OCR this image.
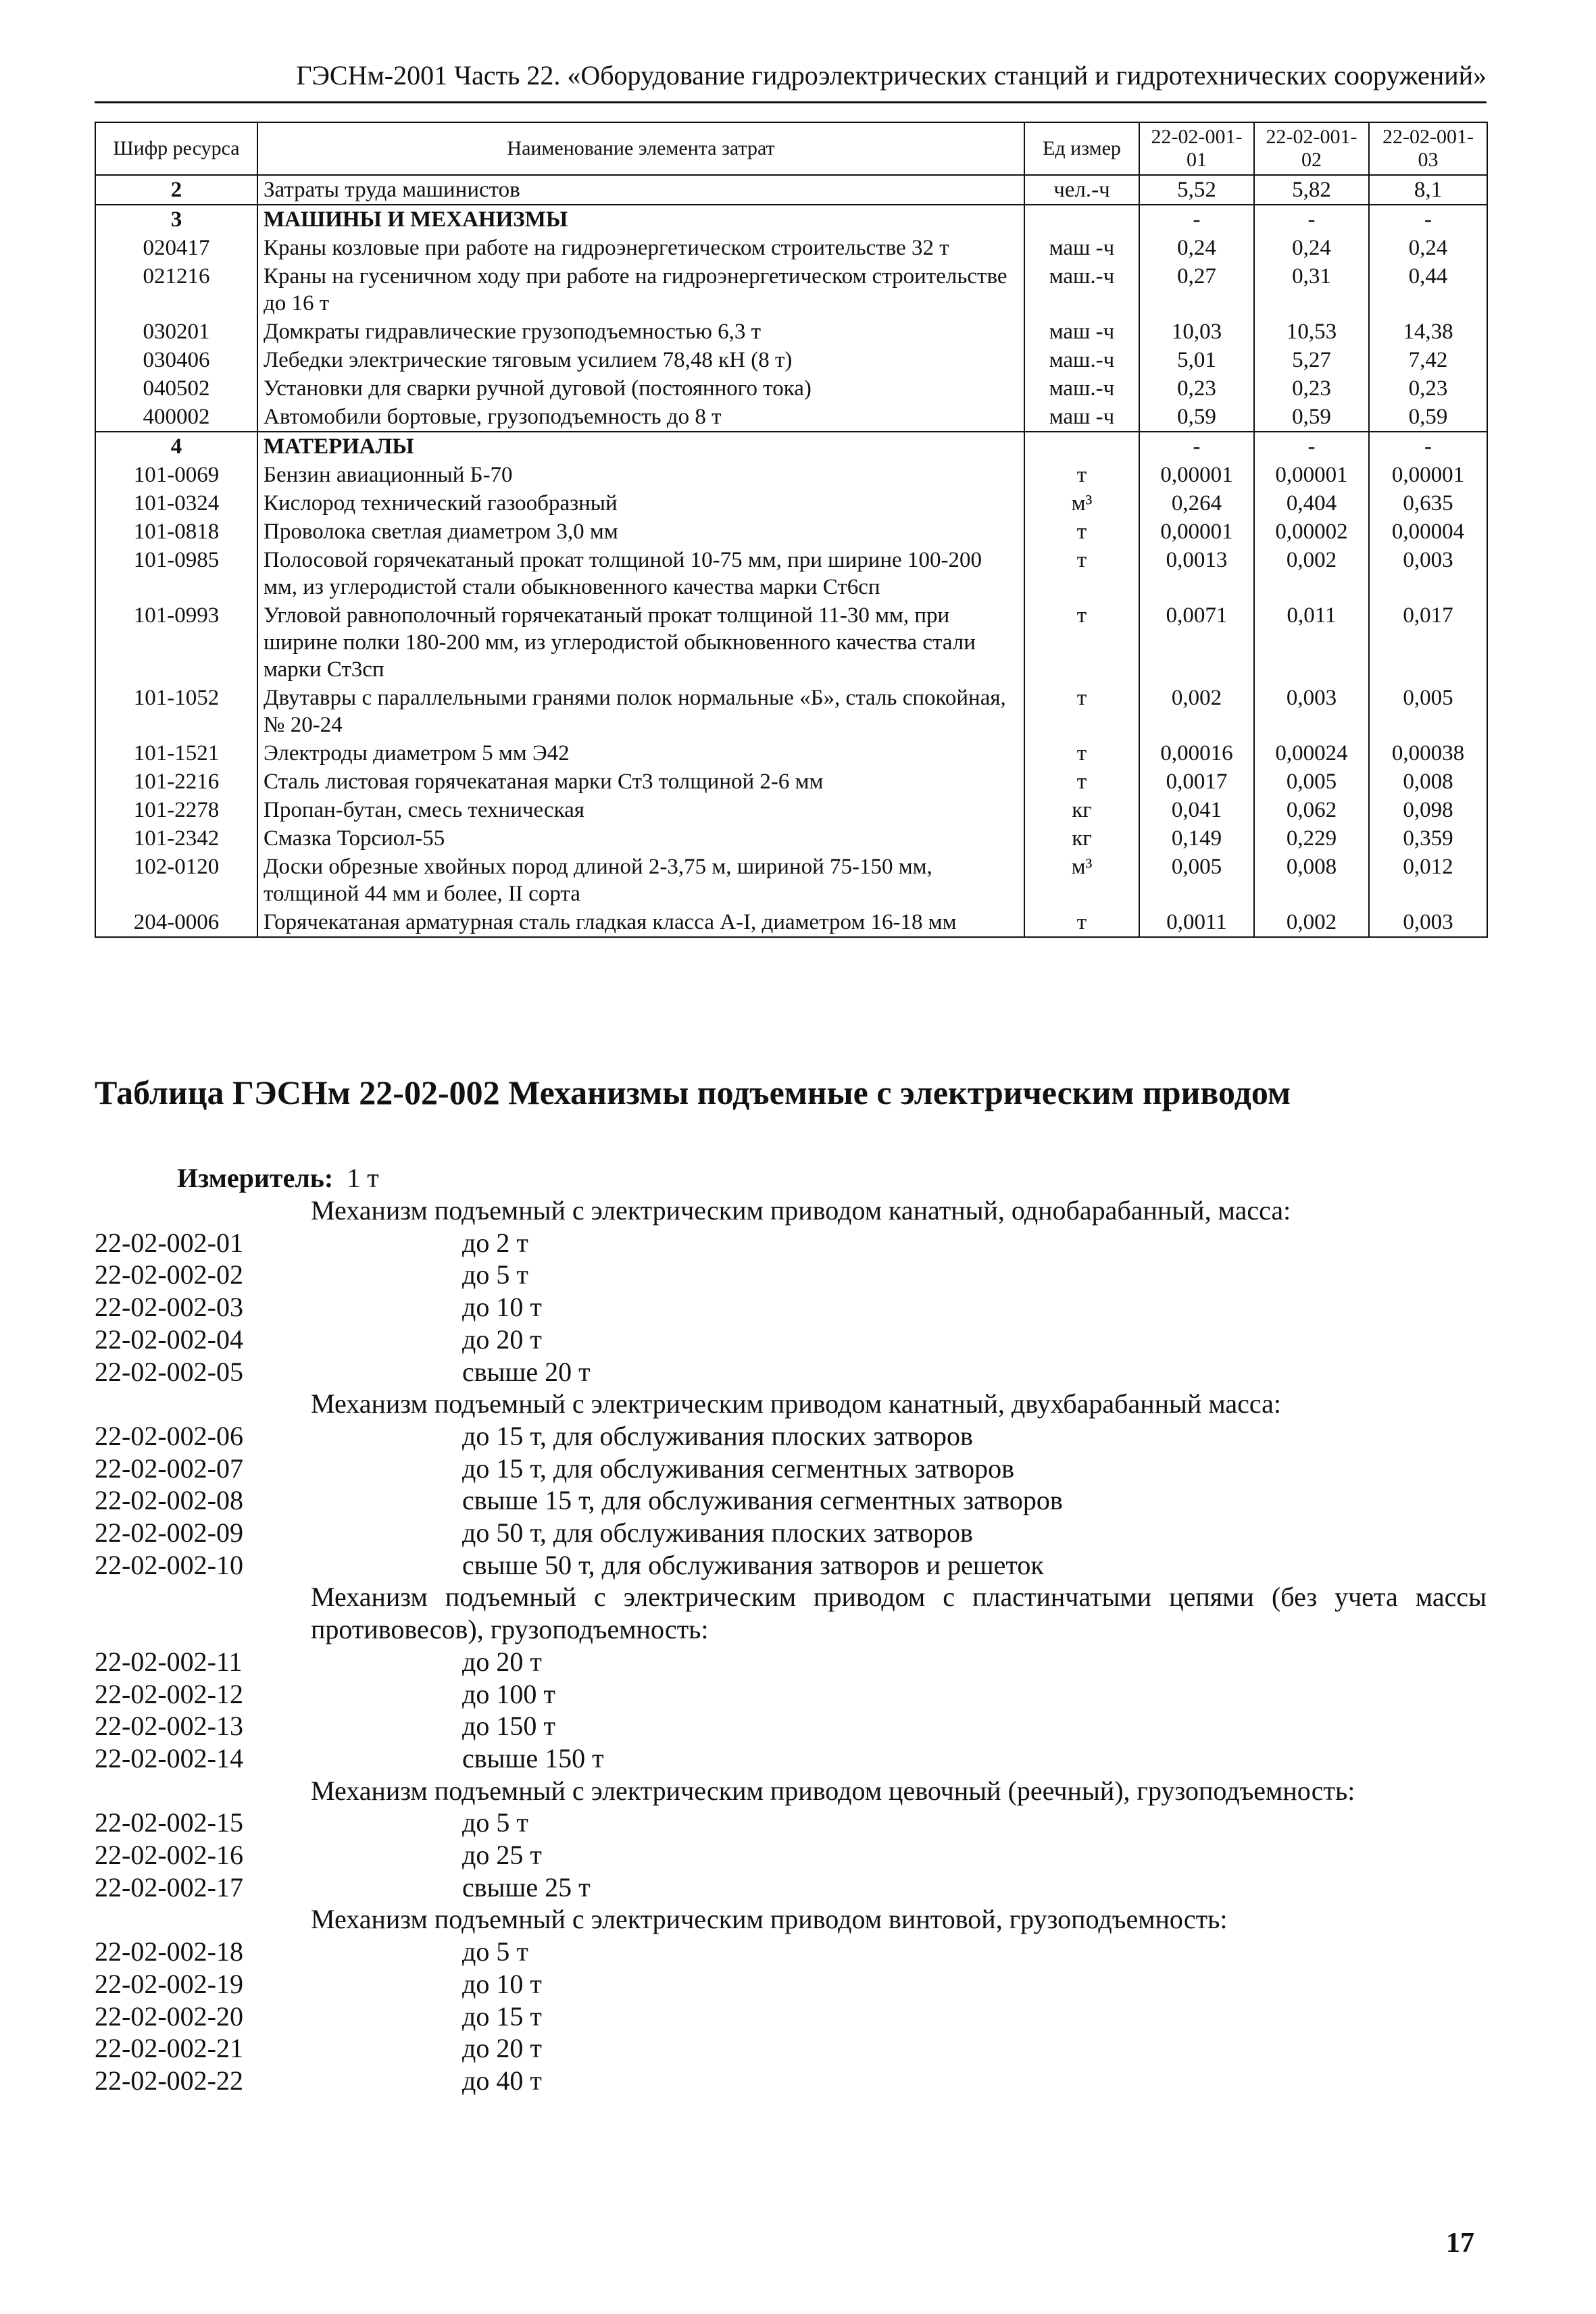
ГЭСНм-2001 Часть 22. «Оборудование гидроэлектрических станций и гидротехнических сооружений»
Шифр ресурса	Наименование элемента затрат	Ед измер	22-02-001-01	22-02-001-02	22-02-001-03
2	Затраты труда машинистов	чел.-ч	5,52	5,82	8,1
3	МАШИНЫ И МЕХАНИЗМЫ		-	-	-
020417	Краны козловые при работе на гидроэнергетическом строительстве 32 т	маш -ч	0,24	0,24	0,24
021216	Краны на гусеничном ходу при работе на гидроэнергетическом строительстве до 16 т	маш.-ч	0,27	0,31	0,44
030201	Домкраты гидравлические грузоподъемностью 6,3 т	маш -ч	10,03	10,53	14,38
030406	Лебедки электрические тяговым усилием 78,48 кН (8 т)	маш.-ч	5,01	5,27	7,42
040502	Установки для сварки ручной дуговой (постоянного тока)	маш.-ч	0,23	0,23	0,23
400002	Автомобили бортовые, грузоподъемность до 8 т	маш -ч	0,59	0,59	0,59
4	МАТЕРИАЛЫ		-	-	-
101-0069	Бензин авиационный Б-70	т	0,00001	0,00001	0,00001
101-0324	Кислород технический газообразный	м³	0,264	0,404	0,635
101-0818	Проволока светлая диаметром 3,0 мм	т	0,00001	0,00002	0,00004
101-0985	Полосовой горячекатаный прокат толщиной 10-75 мм, при ширине 100-200 мм, из углеродистой стали обыкновенного качества марки Ст6сп	т	0,0013	0,002	0,003
101-0993	Угловой равнополочный горячекатаный прокат толщиной 11-30 мм, при ширине полки 180-200 мм, из углеродистой обыкновенного качества стали марки Ст3сп	т	0,0071	0,011	0,017
101-1052	Двутавры с параллельными гранями полок нормальные «Б», сталь спокойная, № 20-24	т	0,002	0,003	0,005
101-1521	Электроды диаметром 5 мм Э42	т	0,00016	0,00024	0,00038
101-2216	Сталь листовая горячекатаная марки Ст3 толщиной 2-6 мм	т	0,0017	0,005	0,008
101-2278	Пропан-бутан, смесь техническая	кг	0,041	0,062	0,098
101-2342	Смазка Торсиол-55	кг	0,149	0,229	0,359
102-0120	Доски обрезные хвойных пород длиной 2-3,75 м, шириной 75-150 мм, толщиной 44 мм и более, II сорта	м³	0,005	0,008	0,012
204-0006	Горячекатаная арматурная сталь гладкая класса А-I, диаметром 16-18 мм	т	0,0011	0,002	0,003
Таблица ГЭСНм 22-02-002 Механизмы подъемные с электрическим приводом
Измеритель: 1 т
Механизм подъемный с электрическим приводом канатный, однобарабанный, масса:
22-02-002-01	до 2 т
22-02-002-02	до 5 т
22-02-002-03	до 10 т
22-02-002-04	до 20 т
22-02-002-05	свыше 20 т
Механизм подъемный с электрическим приводом канатный, двухбарабанный масса:
22-02-002-06	до 15 т, для обслуживания плоских затворов
22-02-002-07	до 15 т, для обслуживания сегментных затворов
22-02-002-08	свыше 15 т, для обслуживания сегментных затворов
22-02-002-09	до 50 т, для обслуживания плоских затворов
22-02-002-10	свыше 50 т, для обслуживания затворов и решеток
Механизм подъемный с электрическим приводом с пластинчатыми цепями (без учета массы противовесов), грузоподъемность:
22-02-002-11	до 20 т
22-02-002-12	до 100 т
22-02-002-13	до 150 т
22-02-002-14	свыше 150 т
Механизм подъемный с электрическим приводом цевочный (реечный), грузоподъемность:
22-02-002-15	до 5 т
22-02-002-16	до 25 т
22-02-002-17	свыше 25 т
Механизм подъемный с электрическим приводом винтовой, грузоподъемность:
22-02-002-18	до 5 т
22-02-002-19	до 10 т
22-02-002-20	до 15 т
22-02-002-21	до 20 т
22-02-002-22	до 40 т
17
